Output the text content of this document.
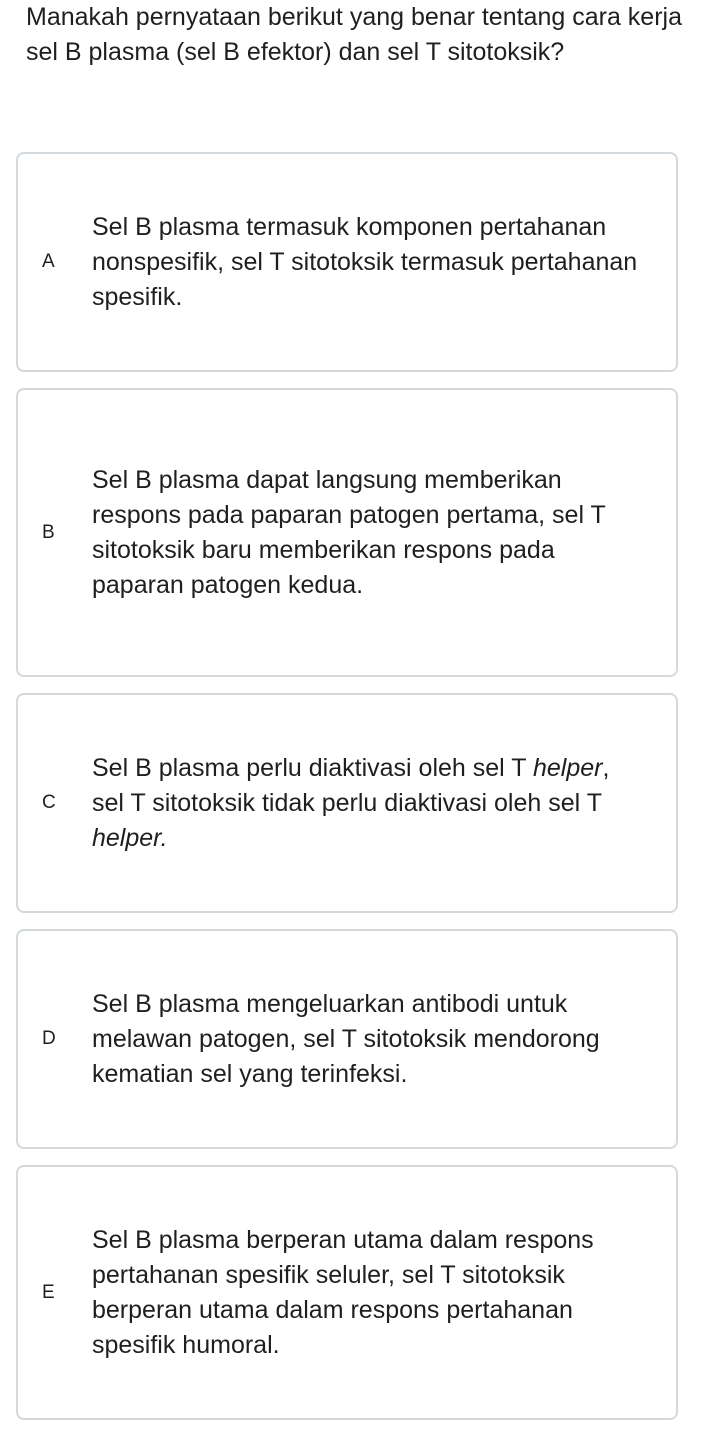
Manakah pernyataan berikut yang benar tentang cara kerja sel B plasma (sel B efektor) dan sel T sitotoksik?

A
Sel B plasma termasuk komponen pertahanan nonspesifik, sel T sitotoksik termasuk pertahanan spesifik.
B
Sel B plasma dapat langsung memberikan respons pada paparan patogen pertama, sel T sitotoksik baru memberikan respons pada paparan patogen kedua.
C
Sel B plasma perlu diaktivasi oleh sel T helper, sel T sitotoksik tidak perlu diaktivasi oleh sel T helper.
D
Sel B plasma mengeluarkan antibodi untuk melawan patogen, sel T sitotoksik mendorong kematian sel yang terinfeksi.
E
Sel B plasma berperan utama dalam respons pertahanan spesifik seluler, sel T sitotoksik berperan utama dalam respons pertahanan spesifik humoral.
